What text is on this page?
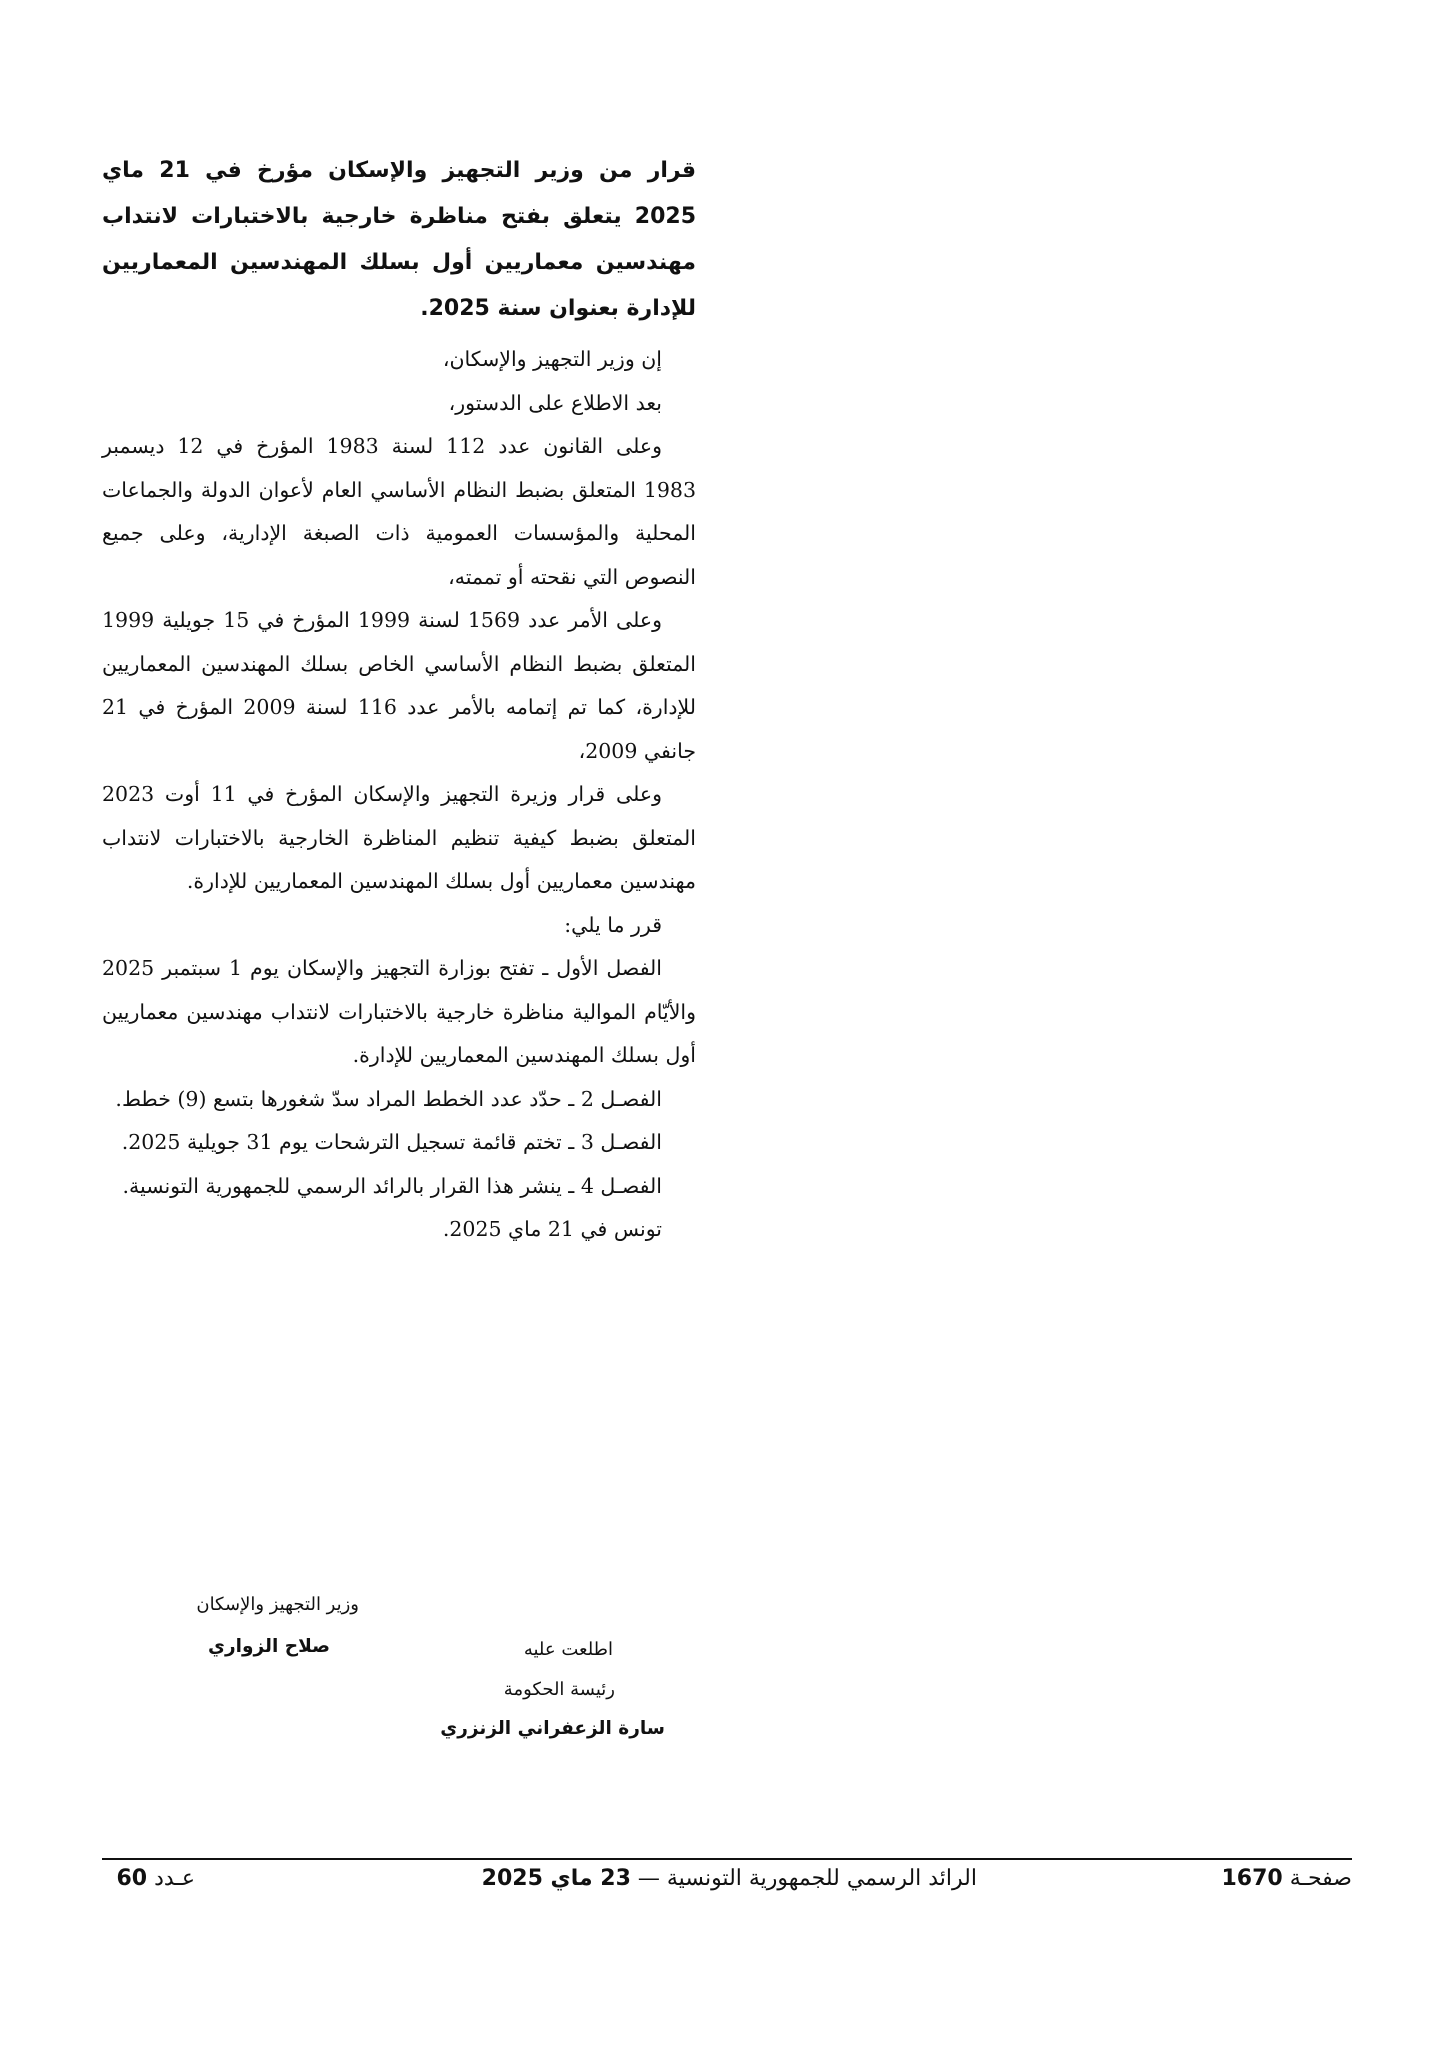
قرار من وزير التجهيز والإسكان مؤرخ في 21 ماي 2025 يتعلق بفتح مناظرة خارجية بالاختبارات لانتداب مهندسين معماريين أول بسلك المهندسين المعماريين للإدارة بعنوان سنة 2025.

إن وزير التجهيز والإسكان،

بعد الاطلاع على الدستور،

وعلى القانون عدد 112 لسنة 1983 المؤرخ في 12 ديسمبر 1983 المتعلق بضبط النظام الأساسي العام لأعوان الدولة والجماعات المحلية والمؤسسات العمومية ذات الصبغة الإدارية، وعلى جميع النصوص التي نقحته أو تممته،

وعلى الأمر عدد 1569 لسنة 1999 المؤرخ في 15 جويلية 1999 المتعلق بضبط النظام الأساسي الخاص بسلك المهندسين المعماريين للإدارة، كما تم إتمامه بالأمر عدد 116 لسنة 2009 المؤرخ في 21 جانفي 2009،

وعلى قرار وزيرة التجهيز والإسكان المؤرخ في 11 أوت 2023 المتعلق بضبط كيفية تنظيم المناظرة الخارجية بالاختبارات لانتداب مهندسين معماريين أول بسلك المهندسين المعماريين للإدارة.

قرر ما يلي:

الفصل الأول ـ تفتح بوزارة التجهيز والإسكان يوم 1 سبتمبر 2025 والأيّام الموالية مناظرة خارجية بالاختبارات لانتداب مهندسين معماريين أول بسلك المهندسين المعماريين للإدارة.

الفصـل 2 ـ حدّد عدد الخطط المراد سدّ شغورها بتسع (9) خطط.

الفصـل 3 ـ تختم قائمة تسجيل الترشحات يوم 31 جويلية 2025.

الفصـل 4 ـ ينشر هذا القرار بالرائد الرسمي للجمهورية التونسية.

تونس في 21 ماي 2025.

وزير التجهيز والإسكان
صلاح الزواري	اطلعت عليه
رئيسة الحكومة
سارة الزعفراني الزنزري
صفحـة 1670
الرائد الرسمي للجمهورية التونسية — 23 ماي 2025
عـدد 60
